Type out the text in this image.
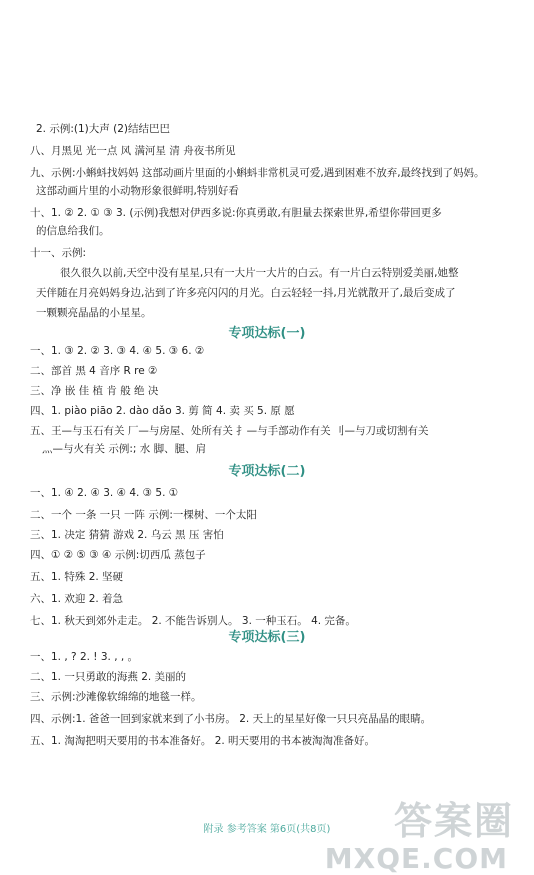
2. 示例:(1)大声 (2)结结巴巴
八、月黑见 光一点 风 满河星 清 舟夜书所见
九、示例:小蝌蚪找妈妈 这部动画片里面的小蝌蚪非常机灵可爱,遇到困难不放弃,最终找到了妈妈。
这部动画片里的小动物形象很鲜明,特别好看
十、1. ② 2. ① ③ 3. (示例)我想对伊西多说:你真勇敢,有胆量去探索世界,希望你带回更多
的信息给我们。
十一、示例:
很久很久以前,天空中没有星星,只有一大片一大片的白云。有一片白云特别爱美丽,她整
天伴随在月亮妈妈身边,沾到了许多亮闪闪的月光。白云轻轻一抖,月光就散开了,最后变成了
一颗颗亮晶晶的小星星。
专项达标(一)
一、1. ③ 2. ② 3. ③ 4. ④ 5. ③ 6. ②
二、部首 黑 4 音序 R re ②
三、净 嵌 佳 植 肯 般 绝 决
四、1. piào piāo 2. dào dǎo 3. 剪 简 4. 卖 买 5. 原 愿
五、王—与玉石有关 厂—与房屋、处所有关 扌—与手部动作有关 刂—与刀或切割有关
灬—与火有关 示例:; 水 脚、腿、肩
专项达标(二)
一、1. ④ 2. ④ 3. ④ 4. ③ 5. ①
二、一个 一条 一只 一阵 示例:一棵树、一个太阳
三、1. 决定 猜猜 游戏 2. 乌云 黑 压 害怕
四、① ② ⑤ ③ ④ 示例:切西瓜 蒸包子
五、1. 特殊 2. 坚硬
六、1. 欢迎 2. 着急
七、1. 秋天到郊外走走。 2. 不能告诉别人。 3. 一种玉石。 4. 完备。
专项达标(三)
一、1. , ? 2. ! 3. , , 。
二、1. 一只勇敢的海燕 2. 美丽的
三、示例:沙滩像软绵绵的地毯一样。
四、示例:1. 爸爸一回到家就来到了小书房。 2. 天上的星星好像一只只亮晶晶的眼睛。
五、1. 淘淘把明天要用的书本准备好。 2. 明天要用的书本被淘淘准备好。
附录 参考答案 第6页(共8页)	答案圈
MXQE.COM
